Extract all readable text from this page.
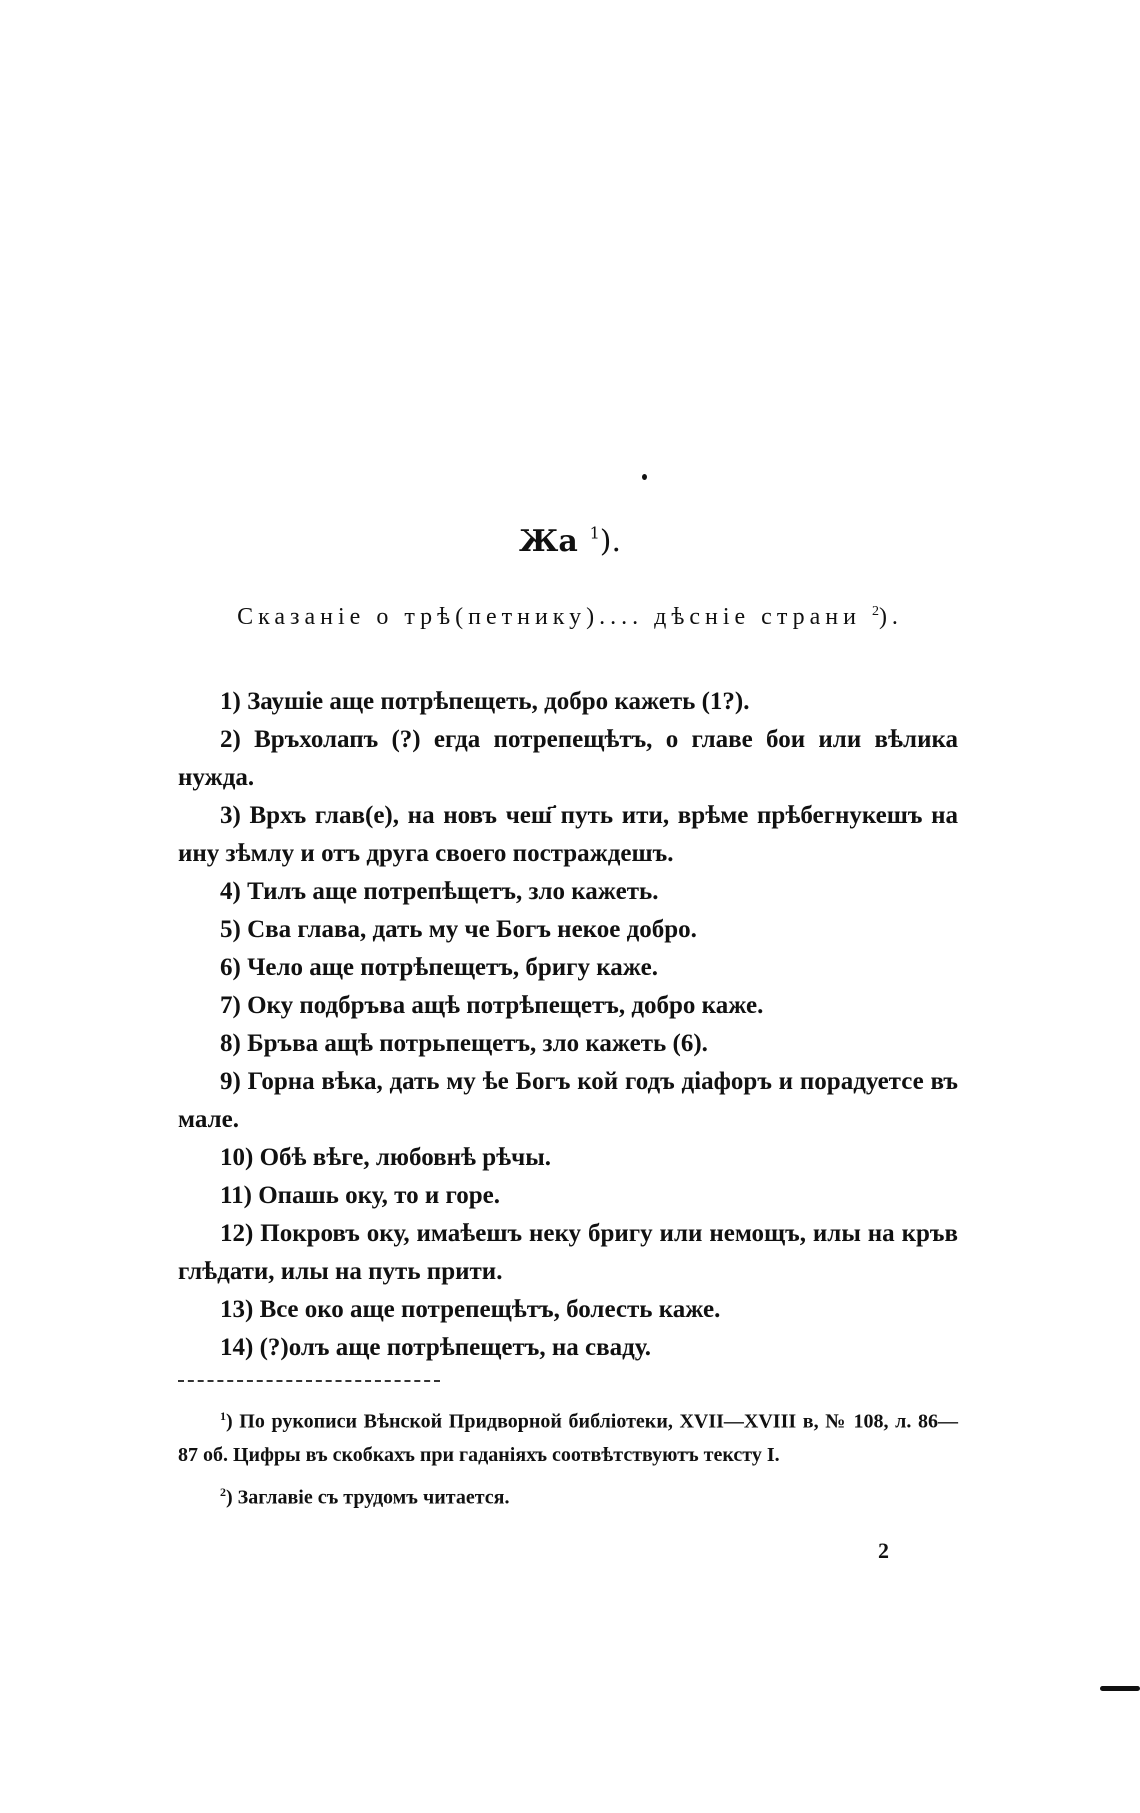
Жа $^1$).
Сказаніе о трѣ(петнику).... дѣсніе страни $^2$).

1) Заушіе аще потрѣпещеть, добро кажеть (1?).

2) Връхолапъ (?) егда потрепещѣтъ, о главе бои или вѣлика нужда.

3) Врхъ глав(е), на новъ чеш҃ путь ити, врѣме прѣбегнукешъ на ину зѣмлу и отъ друга своего постраждешъ.

4) Тилъ аще потрепѣщетъ, зло кажеть.

5) Сва глава, дать му че Богъ некое добро.

6) Чело аще потрѣпещетъ, бригу каже.

7) Оку подбръва ащѣ потрѣпещетъ, добро каже.

8) Бръва ащѣ потрьпещетъ, зло кажеть (6).

9) Горна вѣка, дать му ѣе Богъ кой годъ діафоръ и порадуетсе въ мале.

10) Обѣ вѣге, любовнѣ рѣчы.

11) Опашь оку, то и горе.

12) Покровъ оку, имаѣешъ неку бригу или немощъ, илы на кръв глѣдати, илы на путь прити.

13) Всe око аще потрепещѣтъ, болесть каже.

14) (?)олъ аще потрѣпещетъ, на сваду.

$^1$) По рукописи Вѣнской Придворной библіотеки, XVII—XVIII в, № 108, л. 86—87 об. Цифры въ скобкахъ при гаданіяхъ соотвѣтствуютъ тексту I.

$^2$) Заглавіе съ трудомъ читается.

2
